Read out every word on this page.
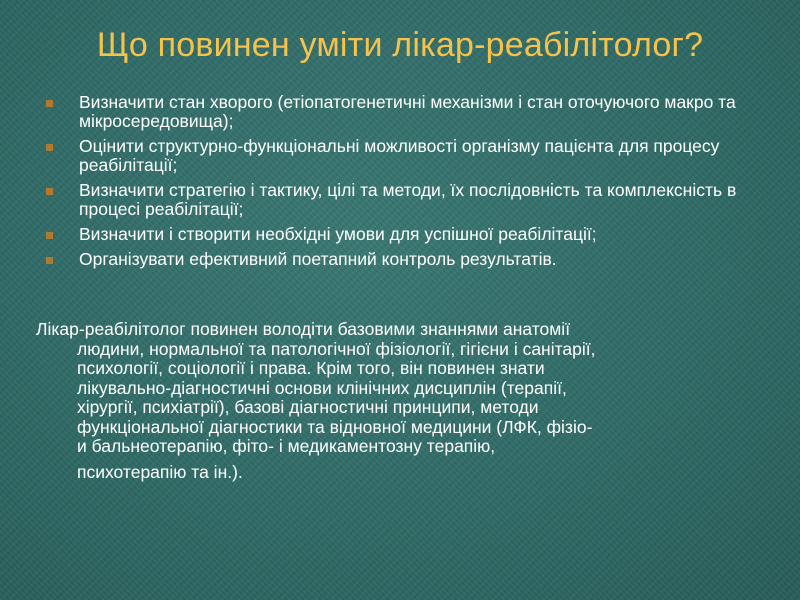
Що повинен уміти лікар-реабілітолог?
Визначити стан хворого (етіопатогенетичні механізми і стан оточуючого макро та мікросередовища);
Оцінити структурно-функціональні можливості організму пацієнта для процесу реабілітації;
Визначити стратегію і тактику, цілі та методи, їх послідовність та комплексність в процесі реабілітації;
Визначити і створити необхідні умови для успішної реабілітації;
Організувати ефективний поетапний контроль результатів.
Лікар-реабілітолог повинен володіти базовими знаннями анатомії
людини, нормальної та патологічної фізіології, гігієни і санітарії,
психології, соціології і права. Крім того, він повинен знати
лікувально-діагностичні основи клінічних дисциплін (терапії,
хірургії, психіатрії), базові діагностичні принципи, методи
функціональної діагностики та відновної медицини (ЛФК, фізіо-
и бальнеотерапію, фіто- і медикаментозну терапію,
психотерапію та ін.).
